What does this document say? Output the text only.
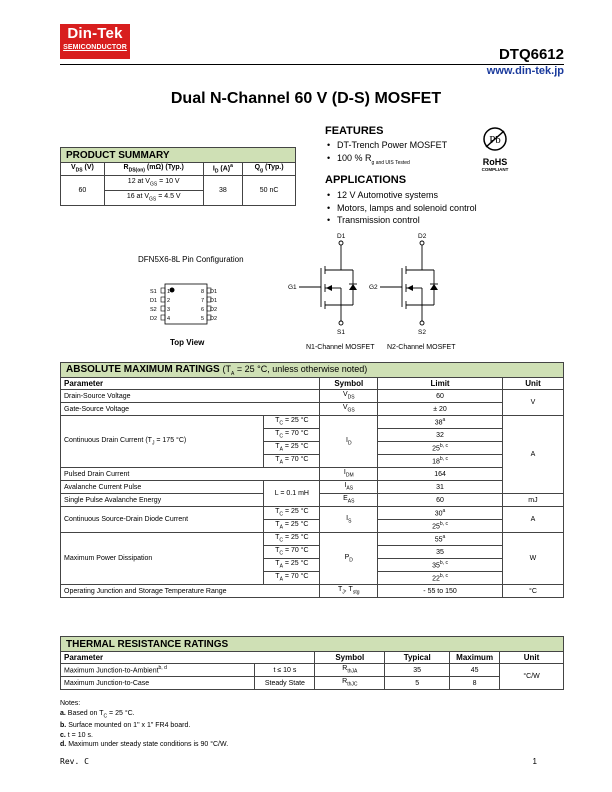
Din-Tek
SEMICONDUCTOR	DTQ6612
www.din-tek.jp
Dual N-Channel 60 V (D-S) MOSFET
PRODUCT SUMMARY			
$V_{DS}$ (V)	$R_{DS(on)}$ (mΩ) (Typ.)	$I_D$ $(A)^a$	$Q_g$ (Typ.)
60	12 at $V_{GS} = 10$ V	38	50 nC
	16 at $V_{GS} = 4.5$ V		
FEATURES
• DT-Trench Power MOSFET
• 100 % $R_{g and UIS Tested}$
Pb
RoHS
COMPLIANT
APPLICATIONS
• 12 V Automotive systems
• Motors, lamps and solenoid control
• Transmission control
DFN5X6-8L Pin Configuration
S1
D1
S2
D2
1
2
3
4
8
7
6
5
D1
D1
D2
D2
Top View
D1
G1
S1
N1-Channel MOSFET
D2
G2
S2
N2-Channel MOSFET
ABSOLUTE MAXIMUM RATINGS ($T_A = 25$ °C, unless otherwise noted)				
Parameter		Symbol	Limit	Unit
Drain-Source Voltage		$V_{DS}$	60	V
Gate-Source Voltage		$V_{GS}$	± 20	
Continuous Drain Current ($T_J = 175$ °C)	$T_C = 25$ °C	$I_D$	38$^a$	A
	$T_C = 70$ °C		32	
	$T_A = 25$ °C		25$^{b, c}$
	$T_A = 70$ °C		18$^{b, c}$
Pulsed Drain Current		$I_{DM}$	164	
Avalanche Current Pulse	L = 0.1 mH	$I_{AS}$	31	
Single Pulse Avalanche Energy		$E_{AS}$	60	mJ
Continuous Source-Drain Diode Current	$T_C = 25$ °C	$I_S$	30$^a$	A
	$T_A = 25$ °C		25$^{b, c}$
Maximum Power Dissipation	$T_C = 25$ °C	$P_D$	55$^a$	W
	$T_C = 70$ °C		35	
	$T_A = 25$ °C		35$^{b, c}$
	$T_A = 70$ °C		22$^{b, c}$
Operating Junction and Storage Temperature Range		$T_J$, $T_{stg}$	- 55 to 150	°C
THERMAL RESISTANCE RATINGS					
Parameter		Symbol	Typical	Maximum	Unit
Maximum Junction-to-Ambient$^{b, d}$	t ≤ 10 s	$R_{thJA}$	35	45	°C/W
Maximum Junction-to-Case	Steady State	$R_{thJC}$	5	8	
Notes:
a. Based on $T_C = 25$ °C.
b. Surface mounted on 1" x 1" FR4 board.
c. t = 10 s.
d. Maximum under steady state conditions is 90 °C/W.
Rev. C	1
